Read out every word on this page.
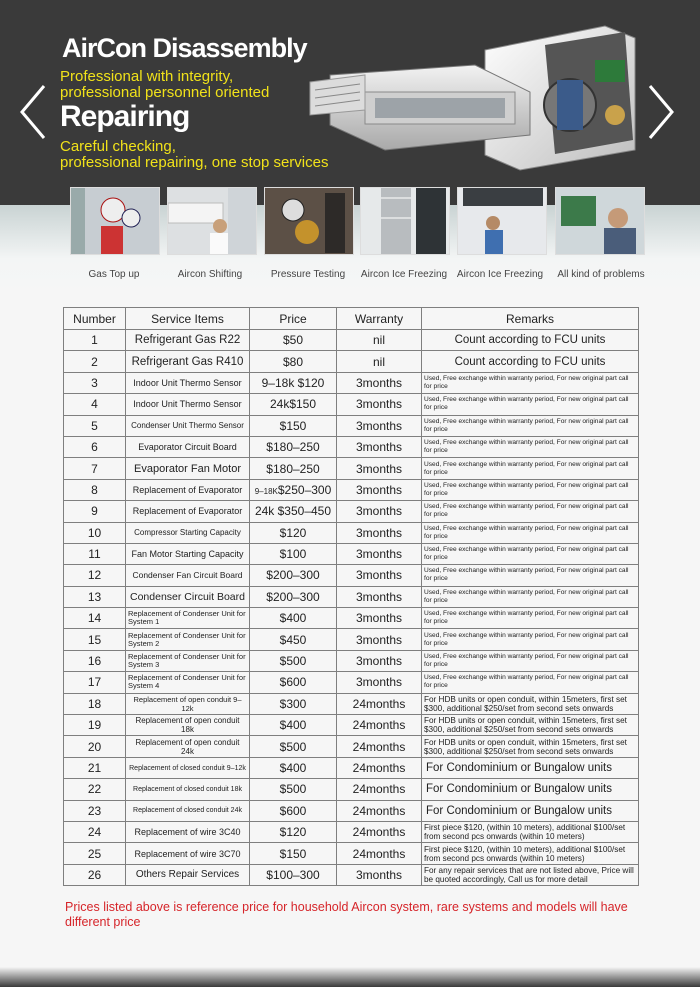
AirCon Disassembly
Professional with integrity,
professional personnel oriented
Repairing
Careful checking,
professional repairing, one stop services
Gas Top up	Aircon Shifting	Pressure Testing	Aircon Ice Freezing Aircon Ice Freezing	All kind of problems
Number	Service Items	Price	Warranty	Remarks
1	Refrigerant Gas R22	$50	nil	Count according to FCU units
2	Refrigerant Gas R410	$80	nil	Count according to FCU units
3	Indoor Unit Thermo Sensor	9–18k $120	3months	Used, Free exchange within warranty period, For new original part call for price
4	Indoor Unit Thermo Sensor	24k$150	3months	Used, Free exchange within warranty period, For new original part call for price
5	Condenser Unit Thermo Sensor	$150	3months	Used, Free exchange within warranty period, For new original part call for price
6	Evaporator Circuit Board	$180–250	3months	Used, Free exchange within warranty period, For new original part call for price
7	Evaporator Fan Motor	$180–250	3months	Used, Free exchange within warranty period, For new original part call for price
8	Replacement of Evaporator	9–18K$250–300	3months	Used, Free exchange within warranty period, For new original part call for price
9	Replacement of Evaporator	24k $350–450	3months	Used, Free exchange within warranty period, For new original part call for price
10	Compressor Starting Capacity	$120	3months	Used, Free exchange within warranty period, For new original part call for price
11	Fan Motor Starting Capacity	$100	3months	Used, Free exchange within warranty period, For new original part call for price
12	Condenser Fan Circuit Board	$200–300	3months	Used, Free exchange within warranty period, For new original part call for price
13	Condenser Circuit Board	$200–300	3months	Used, Free exchange within warranty period, For new original part call for price
14	Replacement of Condenser Unit for System 1	$400	3months	Used, Free exchange within warranty period, For new original part call for price
15	Replacement of Condenser Unit for System 2	$450	3months	Used, Free exchange within warranty period, For new original part call for price
16	Replacement of Condenser Unit for System 3	$500	3months	Used, Free exchange within warranty period, For new original part call for price
17	Replacement of Condenser Unit for System 4	$600	3months	Used, Free exchange within warranty period, For new original part call for price
18	Replacement of open conduit 9–12k	$300	24months	For HDB units or open conduit, within 15meters, first set $300, additional $250/set from second sets onwards
19	Replacement of open conduit 18k	$400	24months	For HDB units or open conduit, within 15meters, first set $300, additional $250/set from second sets onwards
20	Replacement of open conduit 24k	$500	24months	For HDB units or open conduit, within 15meters, first set $300, additional $250/set from second sets onwards
21	Replacement of closed conduit 9–12k	$400	24months	For Condominium or Bungalow units
22	Replacement of closed conduit 18k	$500	24months	For Condominium or Bungalow units
23	Replacement of closed conduit 24k	$600	24months	For Condominium or Bungalow units
24	Replacement of wire 3C40	$120	24months	First piece $120, (within 10 meters), additional $100/set from second pcs onwards (within 10 meters)
25	Replacement of wire 3C70	$150	24months	First piece $120, (within 10 meters), additional $100/set from second pcs onwards (within 10 meters)
26	Others Repair Services	$100–300	3months	For any repair services that are not listed above, Price will be quoted accordingly, Call us for more detail
Prices listed above is reference price for household Aircon system, rare systems and models will have different price
